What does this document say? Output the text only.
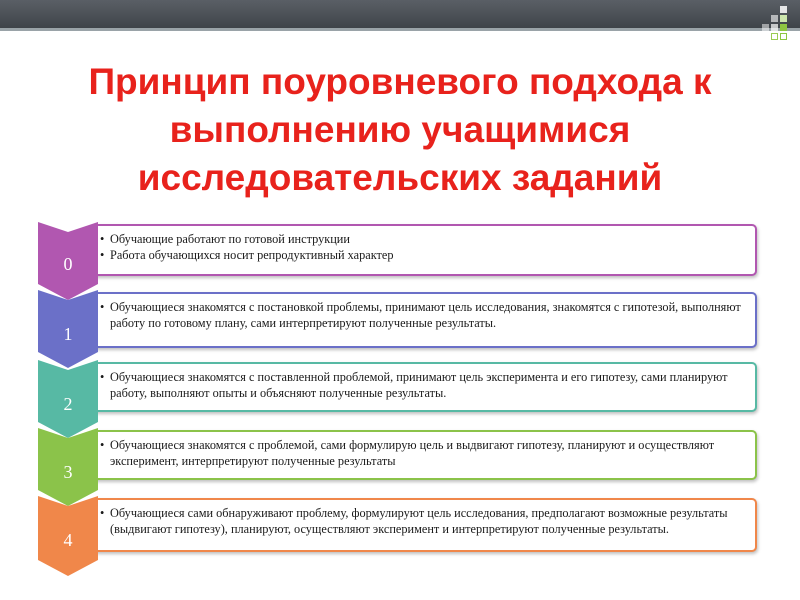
Принцип поуровневого подхода к
выполнению учащимися
исследовательских заданий
• Обучающие работают по готовой инструкции
• Работа обучающихся носит репродуктивный характер
0
• Обучающиеся знакомятся с постановкой проблемы, принимают цель исследования, знакомятся с гипотезой, выполняют работу по готовому плану, сами интерпретируют полученные результаты.
1
• Обучающиеся знакомятся с поставленной проблемой, принимают цель эксперимента и его гипотезу, сами планируют работу, выполняют опыты и объясняют полученные результаты.
2
• Обучающиеся знакомятся с проблемой, сами формулирую цель и выдвигают гипотезу, планируют и осуществляют эксперимент, интерпретируют полученные результаты
3
• Обучающиеся сами обнаруживают проблему, формулируют цель исследования, предполагают возможные результаты (выдвигают гипотезу), планируют, осуществляют эксперимент и интерпретируют полученные результаты.
4
